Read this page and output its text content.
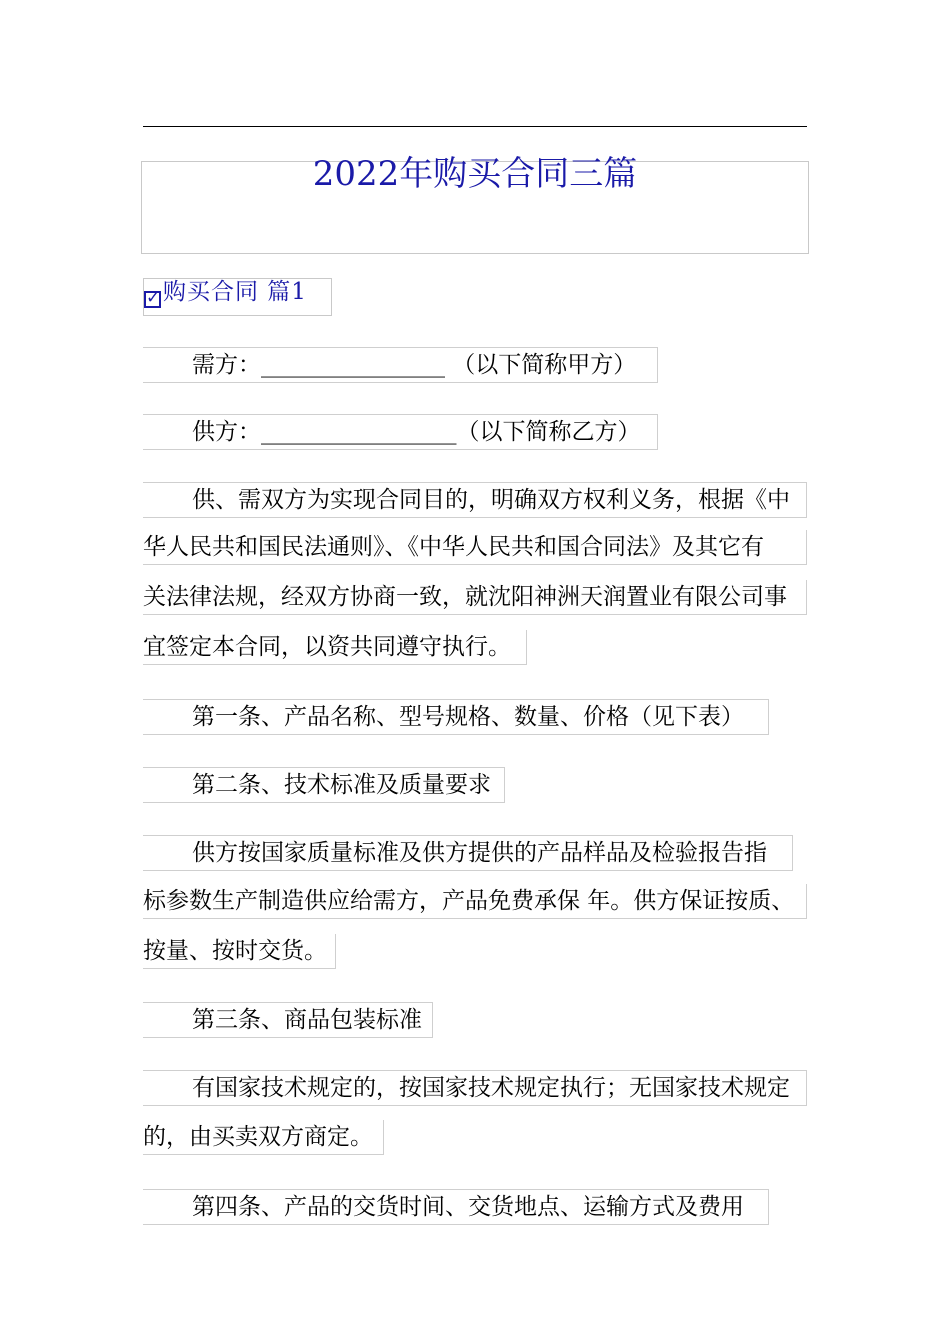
2022年购买合同三篇
✓购买合同 篇1
需方：________________ （以下简称甲方）
供方：_________________（以下简称乙方）
供、需双方为实现合同目的，明确双方权利义务，根据《中
华人民共和国民法通则》、《中华人民共和国合同法》及其它有
关法律法规，经双方协商一致，就沈阳神洲天润置业有限公司事
宜签定本合同，以资共同遵守执行。
第一条、产品名称、型号规格、数量、价格（见下表）
第二条、技术标准及质量要求
供方按国家质量标准及供方提供的产品样品及检验报告指
标参数生产制造供应给需方，产品免费承保 年。供方保证按质、
按量、按时交货。
第三条、商品包装标准
有国家技术规定的，按国家技术规定执行；无国家技术规定
的，由买卖双方商定。
第四条、产品的交货时间、交货地点、运输方式及费用
